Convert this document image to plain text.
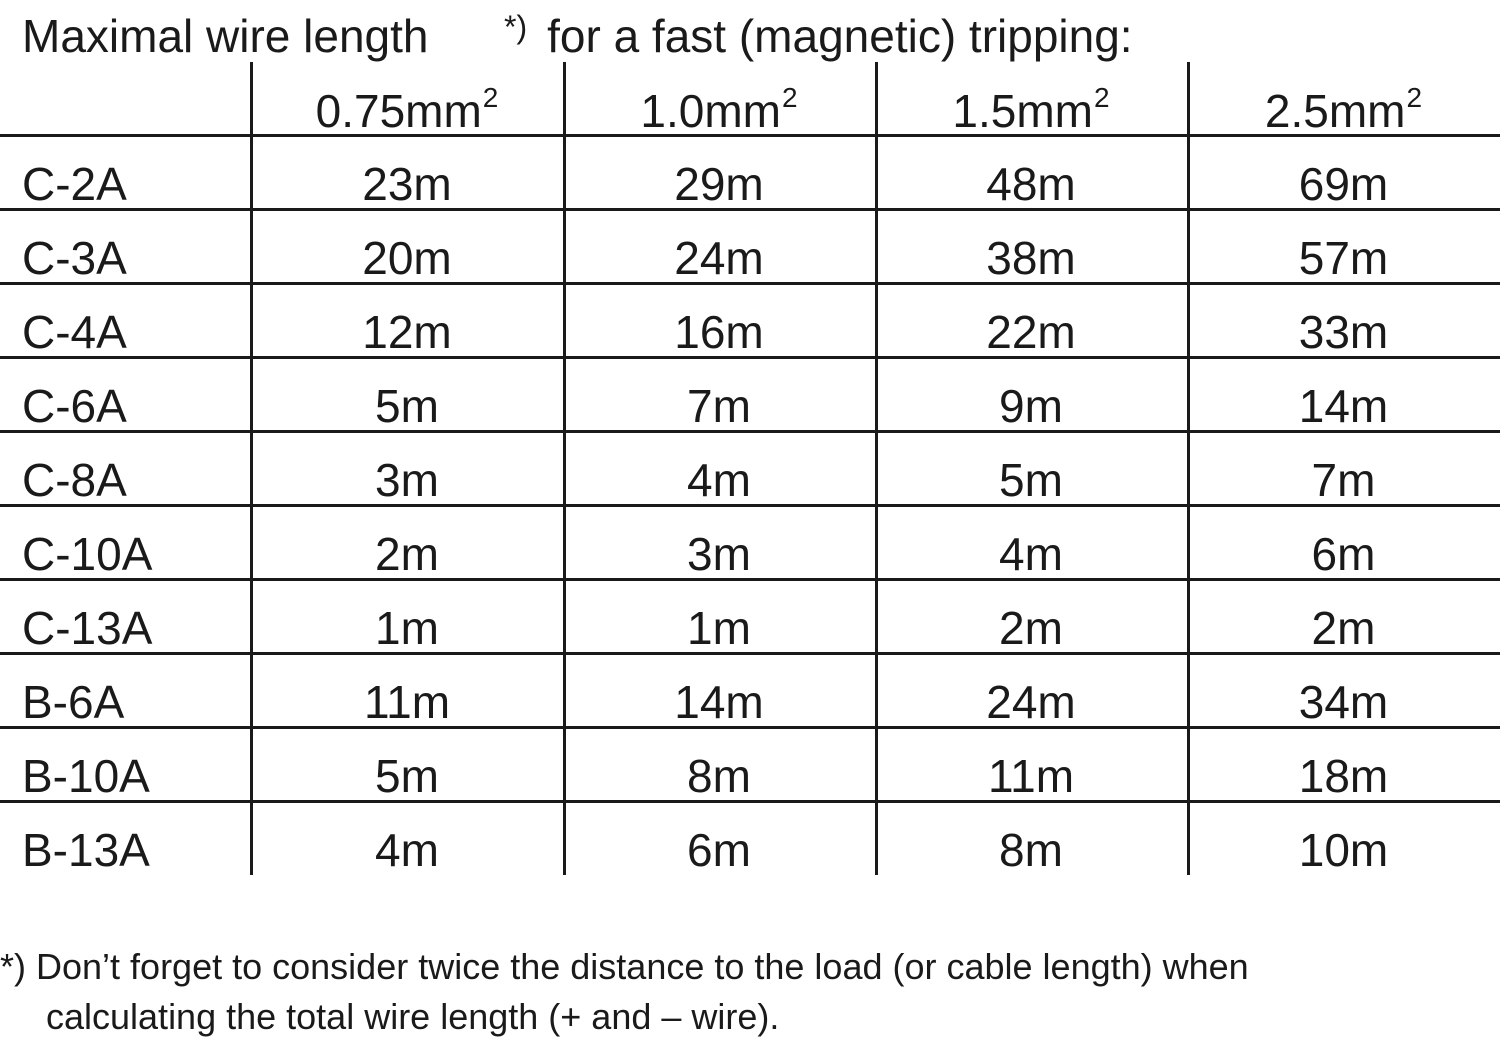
Maximal wire length *) for a fast (magnetic) tripping:
	$0.75mm^2$	$1.0mm^2$	$1.5mm^2$	$2.5mm^2$
C-2A	23m	29m	48m	69m
C-3A	20m	24m	38m	57m
C-4A	12m	16m	22m	33m
C-6A	5m	7m	9m	14m
C-8A	3m	4m	5m	7m
C-10A	2m	3m	4m	6m
C-13A	1m	1m	2m	2m
B-6A	11m	14m	24m	34m
B-10A	5m	8m	11m	18m
B-13A	4m	6m	8m	10m
*) Don’t forget to consider twice the distance to the load (or cable length) when
calculating the total wire length (+ and – wire).
